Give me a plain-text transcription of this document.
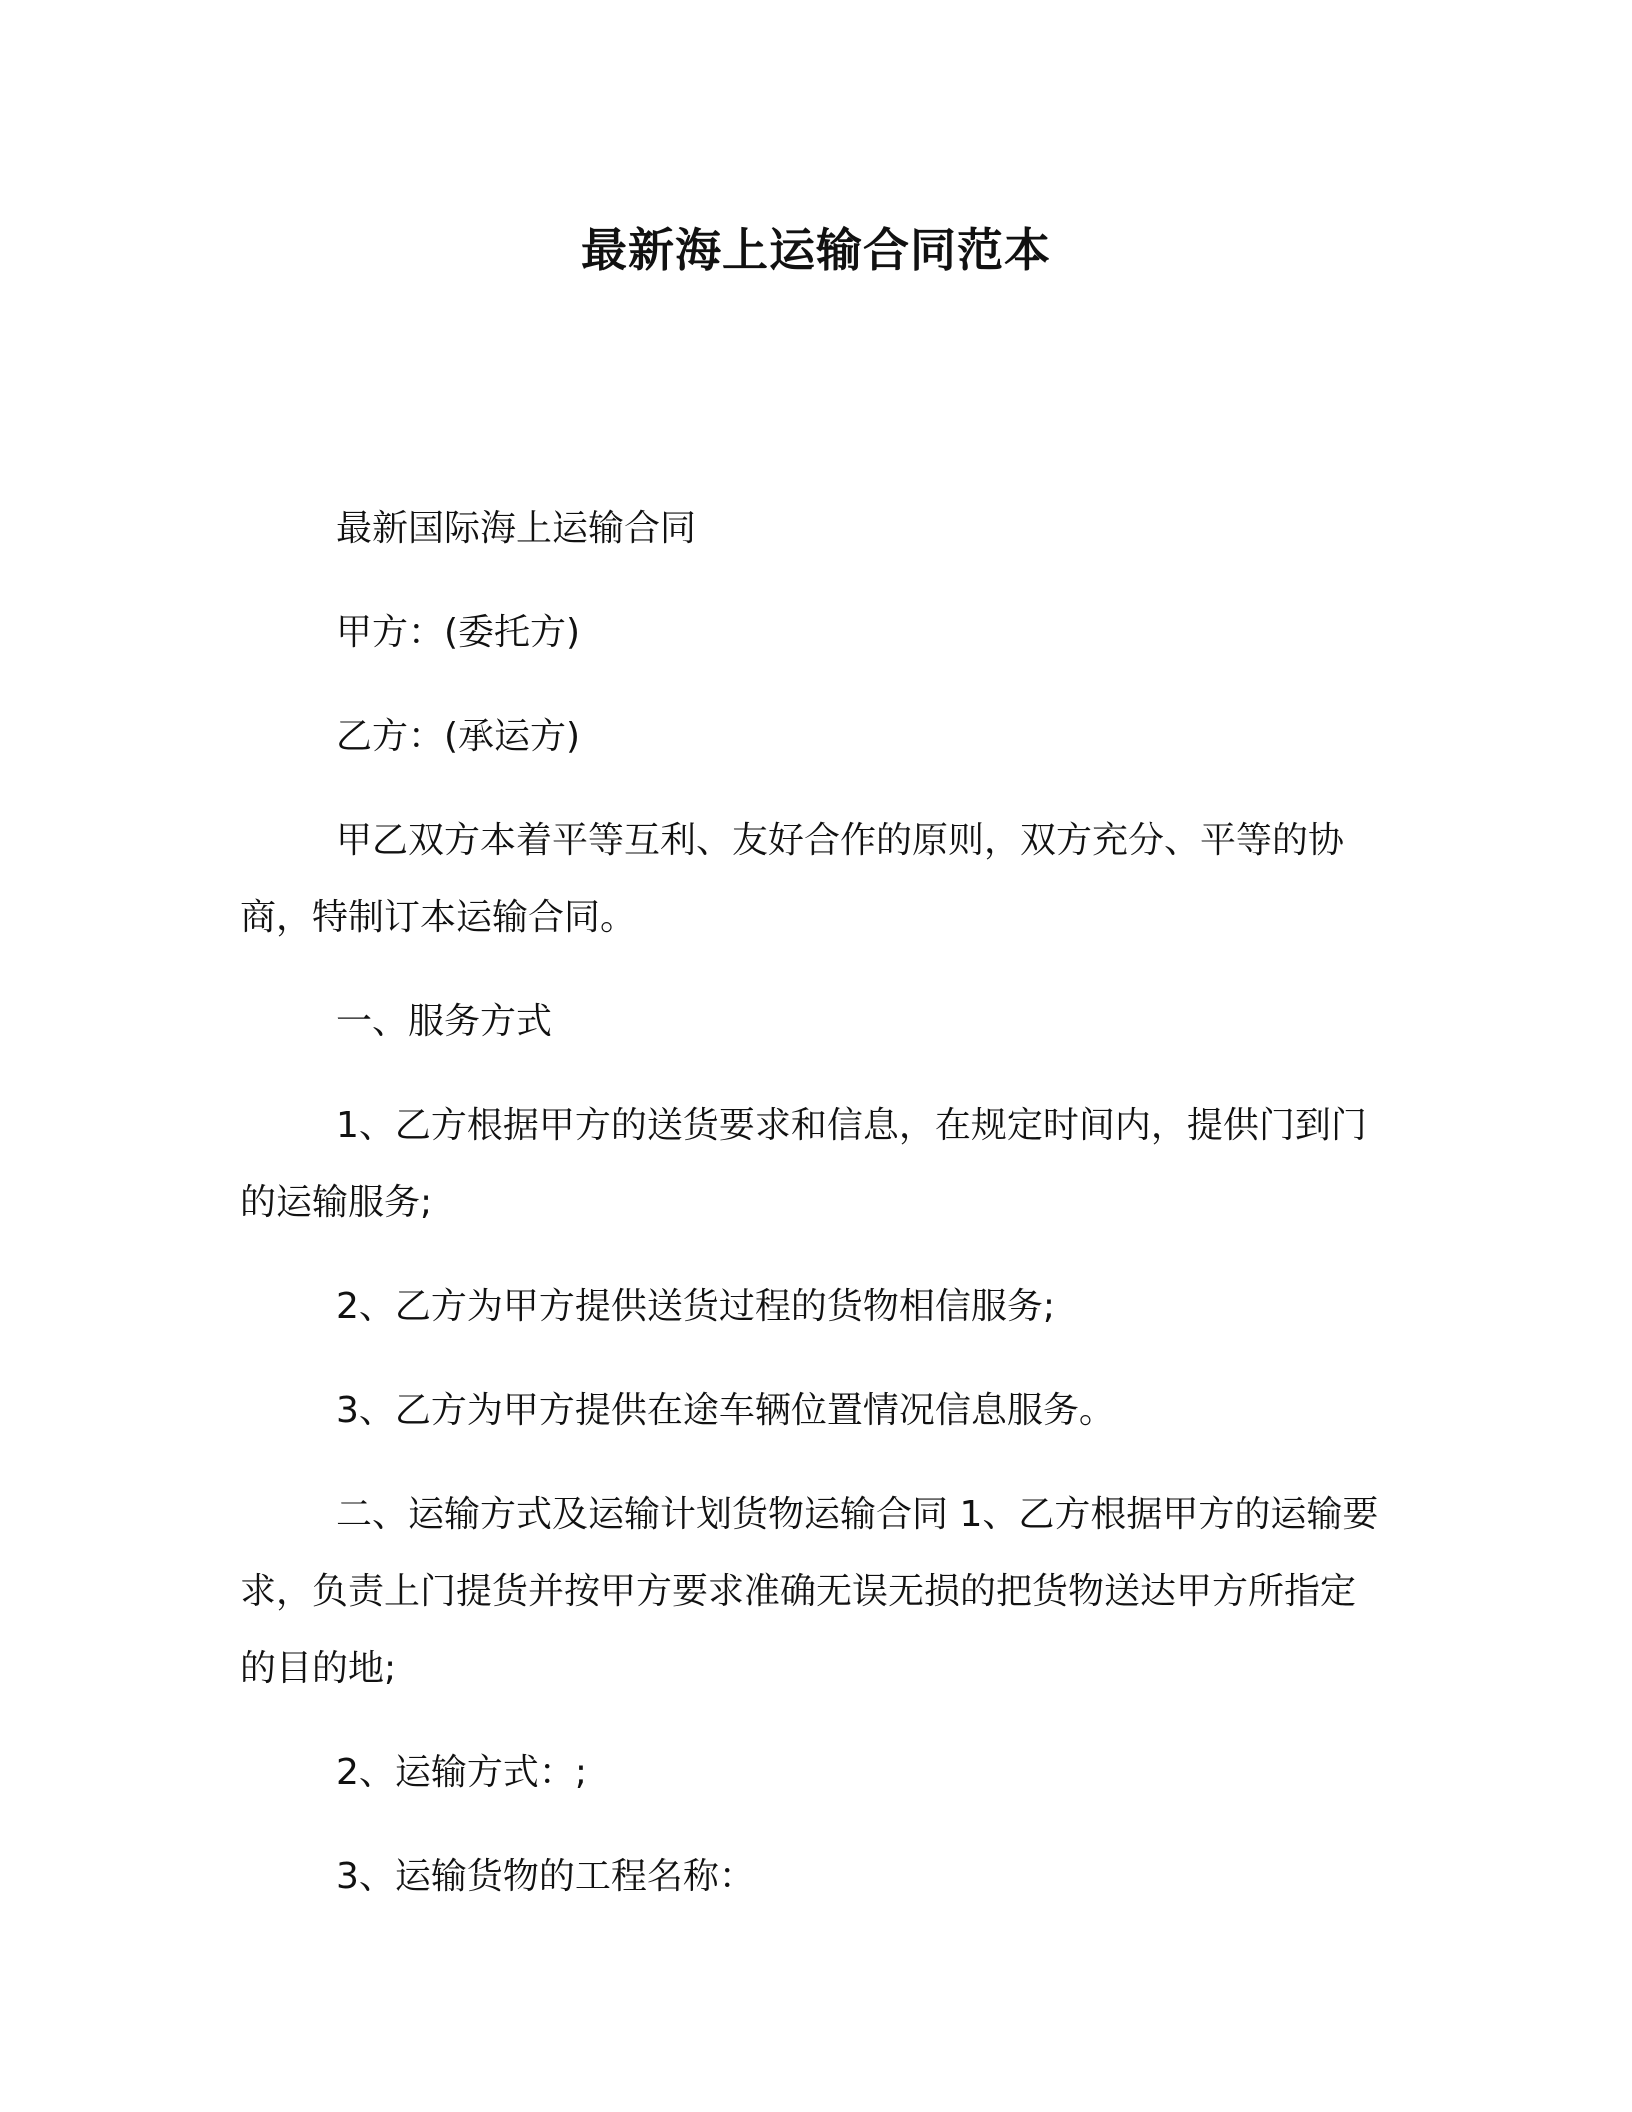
最新海上运输合同范本

最新国际海上运输合同

甲方：(委托方)

乙方：(承运方)

甲乙双方本着平等互利、友好合作的原则，双方充分、平等的协商，特制订本运输合同。

一、服务方式

1、乙方根据甲方的送货要求和信息，在规定时间内，提供门到门的运输服务;

2、乙方为甲方提供送货过程的货物相信服务;

3、乙方为甲方提供在途车辆位置情况信息服务。

二、运输方式及运输计划货物运输合同 1、乙方根据甲方的运输要求，负责上门提货并按甲方要求准确无误无损的把货物送达甲方所指定的目的地;

2、运输方式：;

3、运输货物的工程名称：
